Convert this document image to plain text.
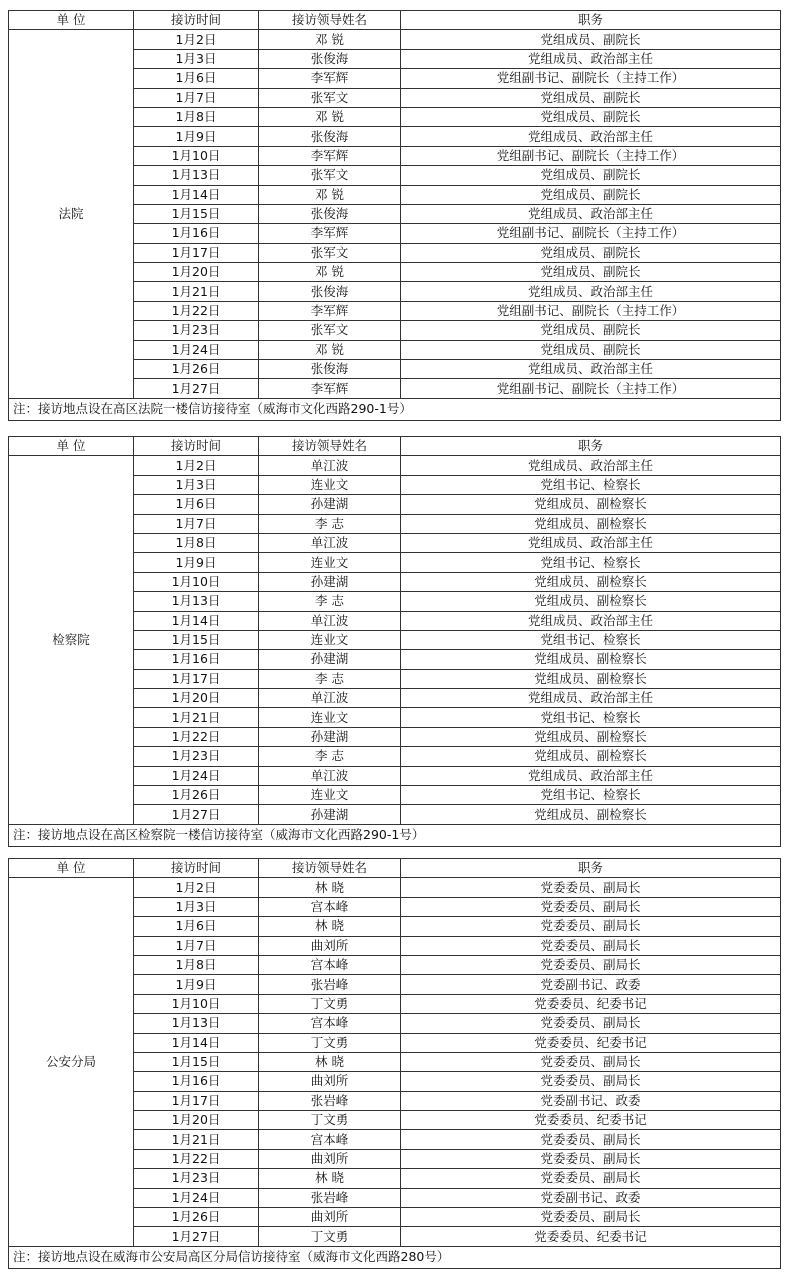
单 位	接访时间	接访领导姓名	职务
法院	1月2日	邓 锐	党组成员、副院长
	1月3日	张俊海	党组成员、政治部主任
	1月6日	李军辉	党组副书记、副院长（主持工作）
	1月7日	张军文	党组成员、副院长
	1月8日	邓 锐	党组成员、副院长
	1月9日	张俊海	党组成员、政治部主任
	1月10日	李军辉	党组副书记、副院长（主持工作）
	1月13日	张军文	党组成员、副院长
	1月14日	邓 锐	党组成员、副院长
	1月15日	张俊海	党组成员、政治部主任
	1月16日	李军辉	党组副书记、副院长（主持工作）
	1月17日	张军文	党组成员、副院长
	1月20日	邓 锐	党组成员、副院长
	1月21日	张俊海	党组成员、政治部主任
	1月22日	李军辉	党组副书记、副院长（主持工作）
	1月23日	张军文	党组成员、副院长
	1月24日	邓 锐	党组成员、副院长
	1月26日	张俊海	党组成员、政治部主任
	1月27日	李军辉	党组副书记、副院长（主持工作）
注：接访地点设在高区法院一楼信访接待室（威海市文化西路290-1号）			
单 位	接访时间	接访领导姓名	职务
检察院	1月2日	单江波	党组成员、政治部主任
	1月3日	连业文	党组书记、检察长
	1月6日	孙建湖	党组成员、副检察长
	1月7日	李 志	党组成员、副检察长
	1月8日	单江波	党组成员、政治部主任
	1月9日	连业文	党组书记、检察长
	1月10日	孙建湖	党组成员、副检察长
	1月13日	李 志	党组成员、副检察长
	1月14日	单江波	党组成员、政治部主任
	1月15日	连业文	党组书记、检察长
	1月16日	孙建湖	党组成员、副检察长
	1月17日	李 志	党组成员、副检察长
	1月20日	单江波	党组成员、政治部主任
	1月21日	连业文	党组书记、检察长
	1月22日	孙建湖	党组成员、副检察长
	1月23日	李 志	党组成员、副检察长
	1月24日	单江波	党组成员、政治部主任
	1月26日	连业文	党组书记、检察长
	1月27日	孙建湖	党组成员、副检察长
注：接访地点设在高区检察院一楼信访接待室（威海市文化西路290-1号）			
单 位	接访时间	接访领导姓名	职务
公安分局	1月2日	林 晓	党委委员、副局长
	1月3日	宫本峰	党委委员、副局长
	1月6日	林 晓	党委委员、副局长
	1月7日	曲刘所	党委委员、副局长
	1月8日	宫本峰	党委委员、副局长
	1月9日	张岩峰	党委副书记、政委
	1月10日	丁文勇	党委委员、纪委书记
	1月13日	宫本峰	党委委员、副局长
	1月14日	丁文勇	党委委员、纪委书记
	1月15日	林 晓	党委委员、副局长
	1月16日	曲刘所	党委委员、副局长
	1月17日	张岩峰	党委副书记、政委
	1月20日	丁文勇	党委委员、纪委书记
	1月21日	宫本峰	党委委员、副局长
	1月22日	曲刘所	党委委员、副局长
	1月23日	林 晓	党委委员、副局长
	1月24日	张岩峰	党委副书记、政委
	1月26日	曲刘所	党委委员、副局长
	1月27日	丁文勇	党委委员、纪委书记
注：接访地点设在威海市公安局高区分局信访接待室（威海市文化西路280号）			
